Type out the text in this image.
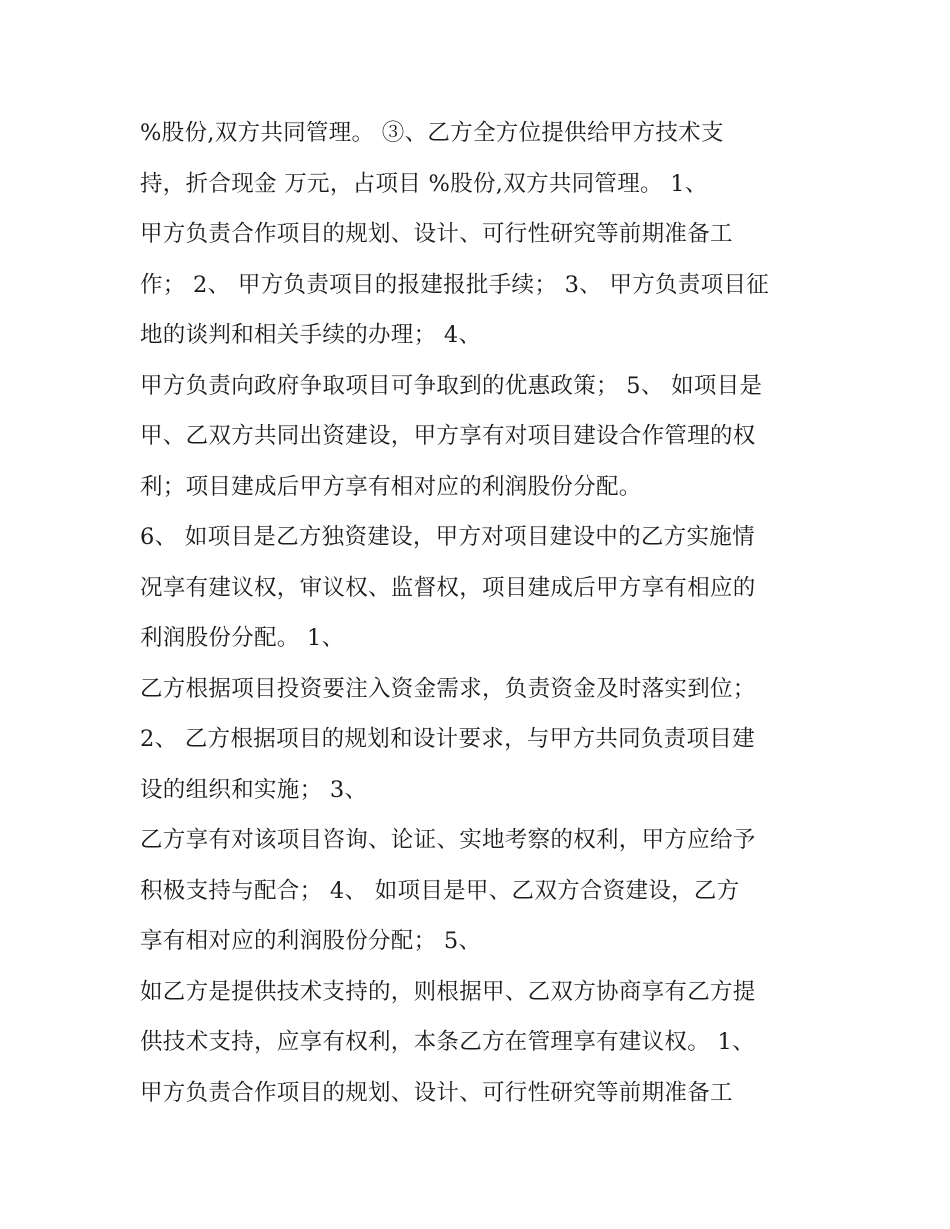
%股份,双方共同管理。 ③、乙方全方位提供给甲方技术支
持，折合现金 万元，占项目 %股份,双方共同管理。 1、
甲方负责合作项目的规划、设计、可行性研究等前期准备工
作； 2、 甲方负责项目的报建报批手续； 3、 甲方负责项目征
地的谈判和相关手续的办理； 4、
甲方负责向政府争取项目可争取到的优惠政策； 5、 如项目是
甲、乙双方共同出资建设，甲方享有对项目建设合作管理的权
利；项目建成后甲方享有相对应的利润股份分配。
6、 如项目是乙方独资建设，甲方对项目建设中的乙方实施情
况享有建议权，审议权、监督权，项目建成后甲方享有相应的
利润股份分配。 1、
乙方根据项目投资要注入资金需求，负责资金及时落实到位；
2、 乙方根据项目的规划和设计要求，与甲方共同负责项目建
设的组织和实施； 3、
乙方享有对该项目咨询、论证、实地考察的权利，甲方应给予
积极支持与配合； 4、 如项目是甲、乙双方合资建设，乙方
享有相对应的利润股份分配； 5、
如乙方是提供技术支持的，则根据甲、乙双方协商享有乙方提
供技术支持，应享有权利，本条乙方在管理享有建议权。 1、
甲方负责合作项目的规划、设计、可行性研究等前期准备工
